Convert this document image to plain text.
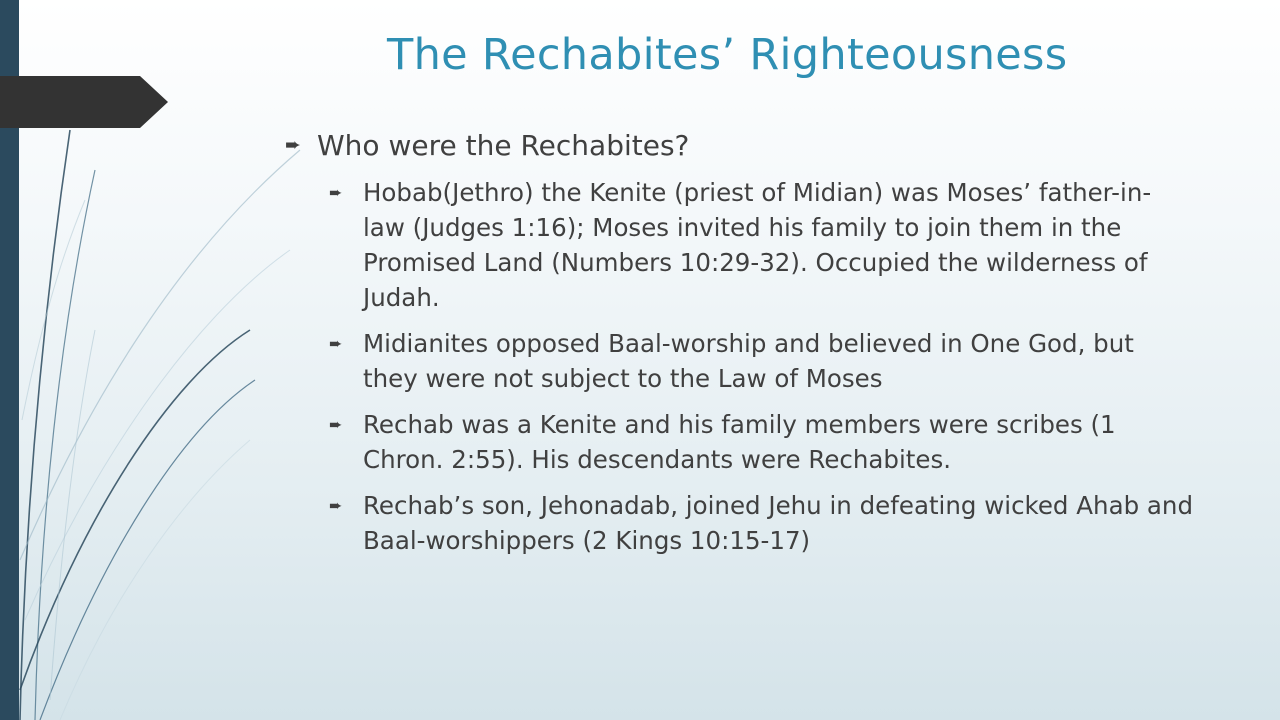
The Rechabites’ Righteousness
➨ Who were the Rechabites?
➨ Hobab(Jethro) the Kenite (priest of Midian) was Moses’ father-in-law (Judges 1:16); Moses invited his family to join them in the Promised Land (Numbers 10:29-32). Occupied the wilderness of Judah.
➨ Midianites opposed Baal-worship and believed in One God, but they were not subject to the Law of Moses
➨ Rechab was a Kenite and his family members were scribes (1 Chron. 2:55). His descendants were Rechabites.
➨ Rechab’s son, Jehonadab, joined Jehu in defeating wicked Ahab and Baal-worshippers (2 Kings 10:15-17)
